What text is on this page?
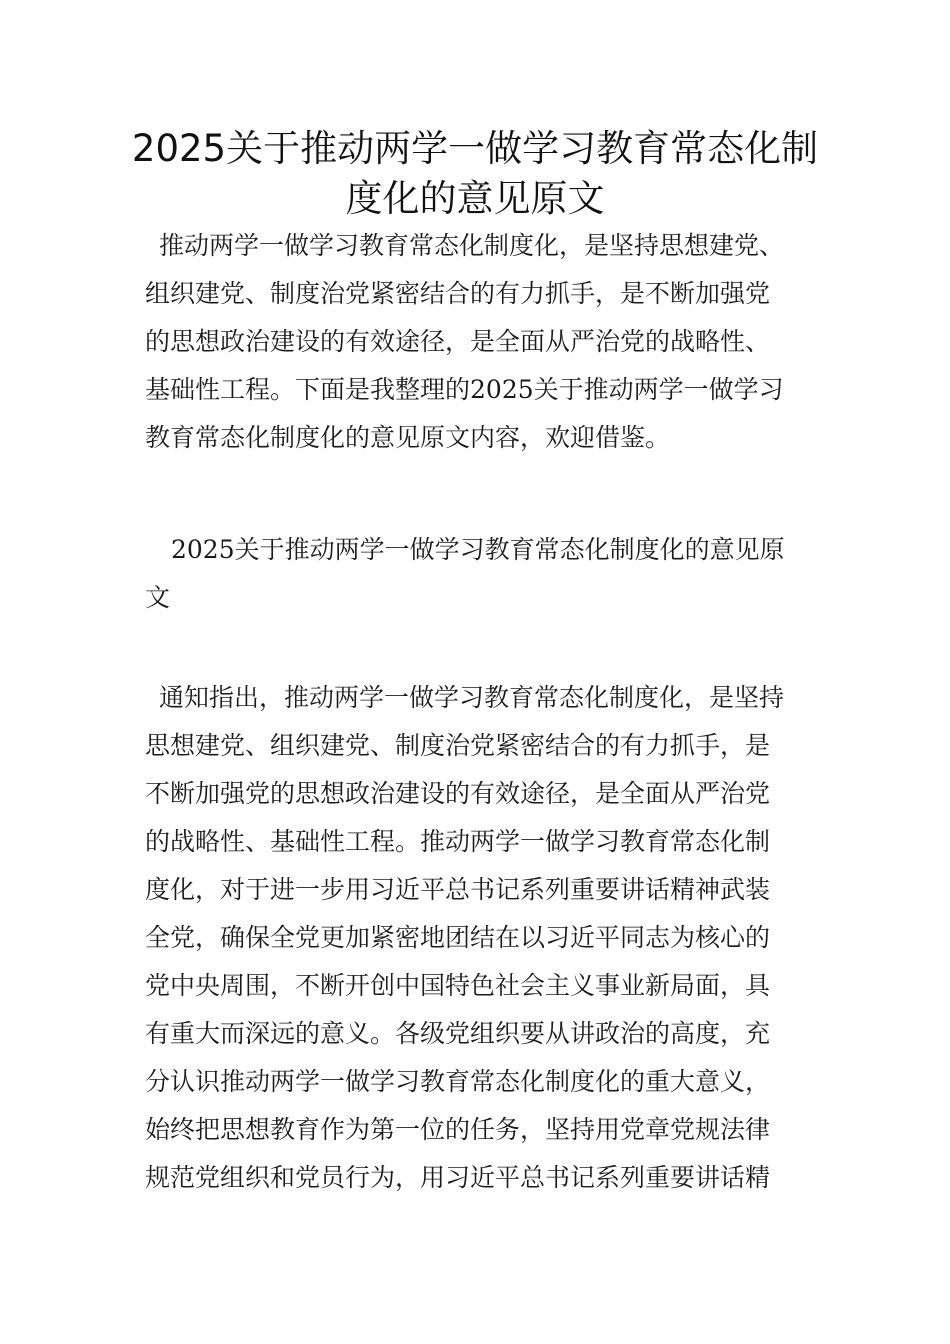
2025关于推动两学一做学习教育常态化制
度化的意见原文
推动两学一做学习教育常态化制度化，是坚持思想建党、
组织建党、制度治党紧密结合的有力抓手，是不断加强党
的思想政治建设的有效途径，是全面从严治党的战略性、
基础性工程。下面是我整理的2025关于推动两学一做学习
教育常态化制度化的意见原文内容，欢迎借鉴。
2025关于推动两学一做学习教育常态化制度化的意见原
文
通知指出，推动两学一做学习教育常态化制度化，是坚持
思想建党、组织建党、制度治党紧密结合的有力抓手，是
不断加强党的思想政治建设的有效途径，是全面从严治党
的战略性、基础性工程。推动两学一做学习教育常态化制
度化，对于进一步用习近平总书记系列重要讲话精神武装
全党，确保全党更加紧密地团结在以习近平同志为核心的
党中央周围，不断开创中国特色社会主义事业新局面，具
有重大而深远的意义。各级党组织要从讲政治的高度，充
分认识推动两学一做学习教育常态化制度化的重大意义，
始终把思想教育作为第一位的任务，坚持用党章党规法律
规范党组织和党员行为，用习近平总书记系列重要讲话精
